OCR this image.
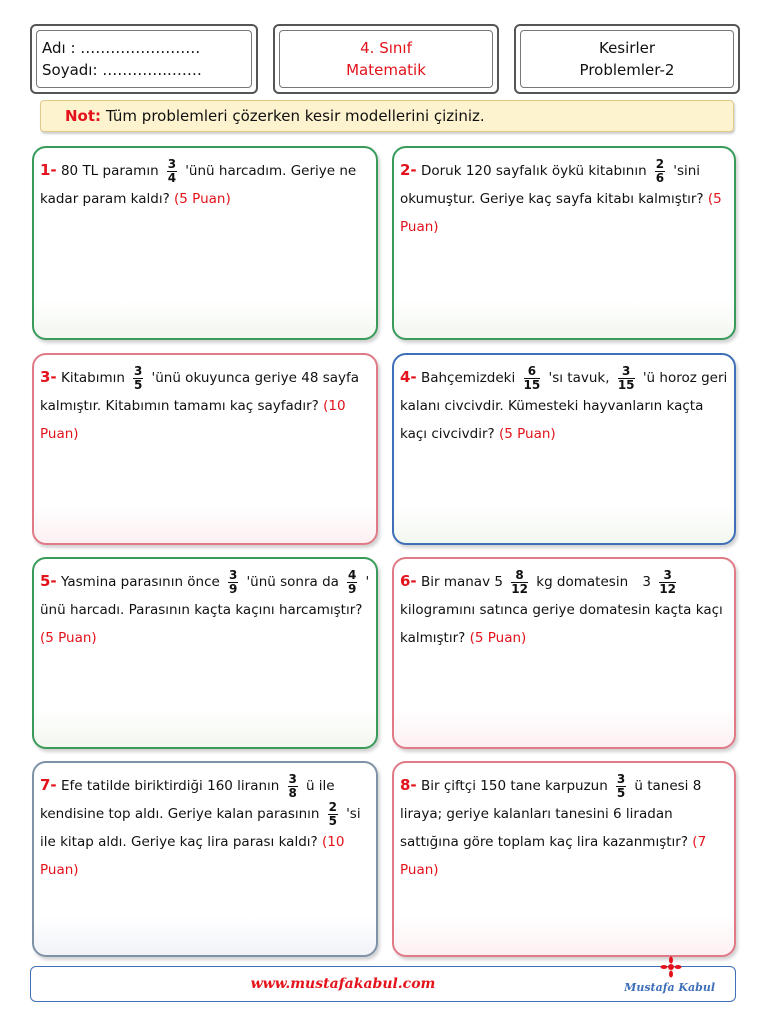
Adı : ……………………
Soyadı: …………..……
4. Sınıf
Matematik
Kesirler
Problemler-2
Not: Tüm problemleri çözerken kesir modellerini çiziniz.
1- 80 TL paramın $\frac{3}{4}$ 'ünü harcadım. Geriye ne kadar param kaldı? (5 Puan)
2- Doruk 120 sayfalık öykü kitabının $\frac{2}{6}$ 'sini okumuştur. Geriye kaç sayfa kitabı kalmıştır? (5 Puan)
3- Kitabımın $\frac{3}{5}$ 'ünü okuyunca geriye 48 sayfa kalmıştır. Kitabımın tamamı kaç sayfadır? (10 Puan)
4- Bahçemizdeki $\frac{6}{15}$ 'sı tavuk, $\frac{3}{15}$ 'ü horoz geri kalanı civcivdir. Kümesteki hayvanların kaçta kaçı civcivdir? (5 Puan)
5- Yasmina parasının önce $\frac{3}{9}$ 'ünü sonra da $\frac{4}{9}$ ' ünü harcadı. Parasının kaçta kaçını harcamıştır? (5 Puan)
6- Bir manav $5 \frac{8}{12}$ kg domatesin $3 \frac{3}{12}$
kilogramını satınca geriye domatesin kaçta kaçı kalmıştır? (5 Puan)
7- Efe tatilde biriktirdiği 160 liranın $\frac{3}{8}$ ü ile kendisine top aldı. Geriye kalan parasının $\frac{2}{5}$ 'si ile kitap aldı. Geriye kaç lira parası kaldı? (10 Puan)
8- Bir çiftçi 150 tane karpuzun $\frac{3}{5}$ ü tanesi 8 liraya; geriye kalanları tanesini 6 liradan sattığına göre toplam kaç lira kazanmıştır? (7 Puan)
www.mustafakabul.com	Mustafa Kabul
